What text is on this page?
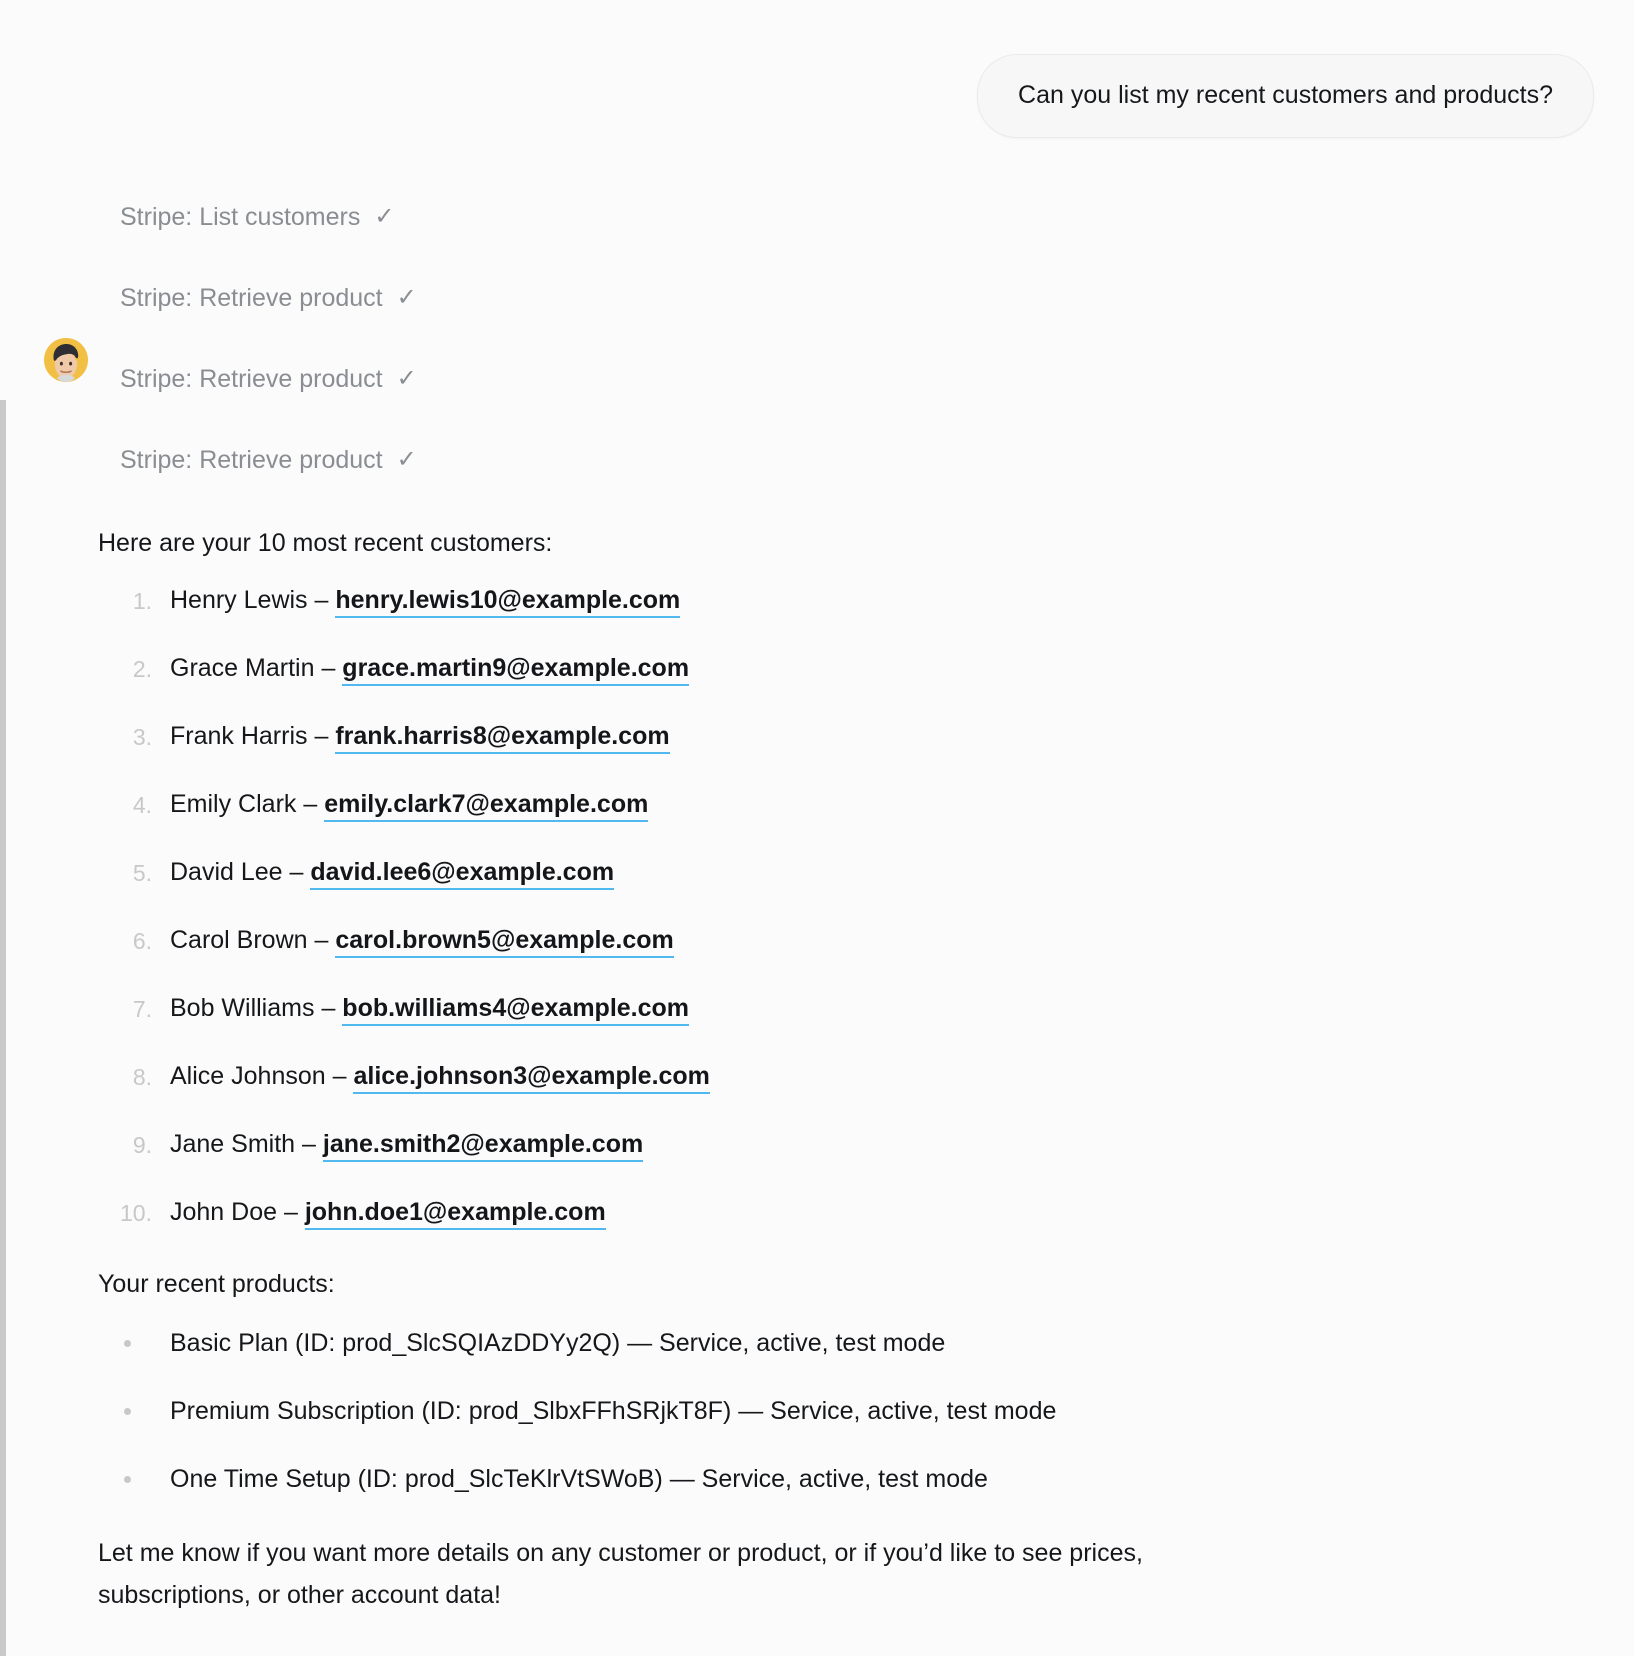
Can you list my recent customers and products?
Stripe: List customers ✓
Stripe: Retrieve product ✓
Stripe: Retrieve product ✓
Stripe: Retrieve product ✓

Here are your 10 most recent customers:

Henry Lewis – henry.lewis10@example.com
Grace Martin – grace.martin9@example.com
Frank Harris – frank.harris8@example.com
Emily Clark – emily.clark7@example.com
David Lee – david.lee6@example.com
Carol Brown – carol.brown5@example.com
Bob Williams – bob.williams4@example.com
Alice Johnson – alice.johnson3@example.com
Jane Smith – jane.smith2@example.com
John Doe – john.doe1@example.com

Your recent products:

Basic Plan (ID: prod_SlcSQIAzDDYy2Q) — Service, active, test mode
Premium Subscription (ID: prod_SlbxFFhSRjkT8F) — Service, active, test mode
One Time Setup (ID: prod_SlcTeKlrVtSWoB) — Service, active, test mode

Let me know if you want more details on any customer or product, or if you’d like to see prices, subscriptions, or other account data!
